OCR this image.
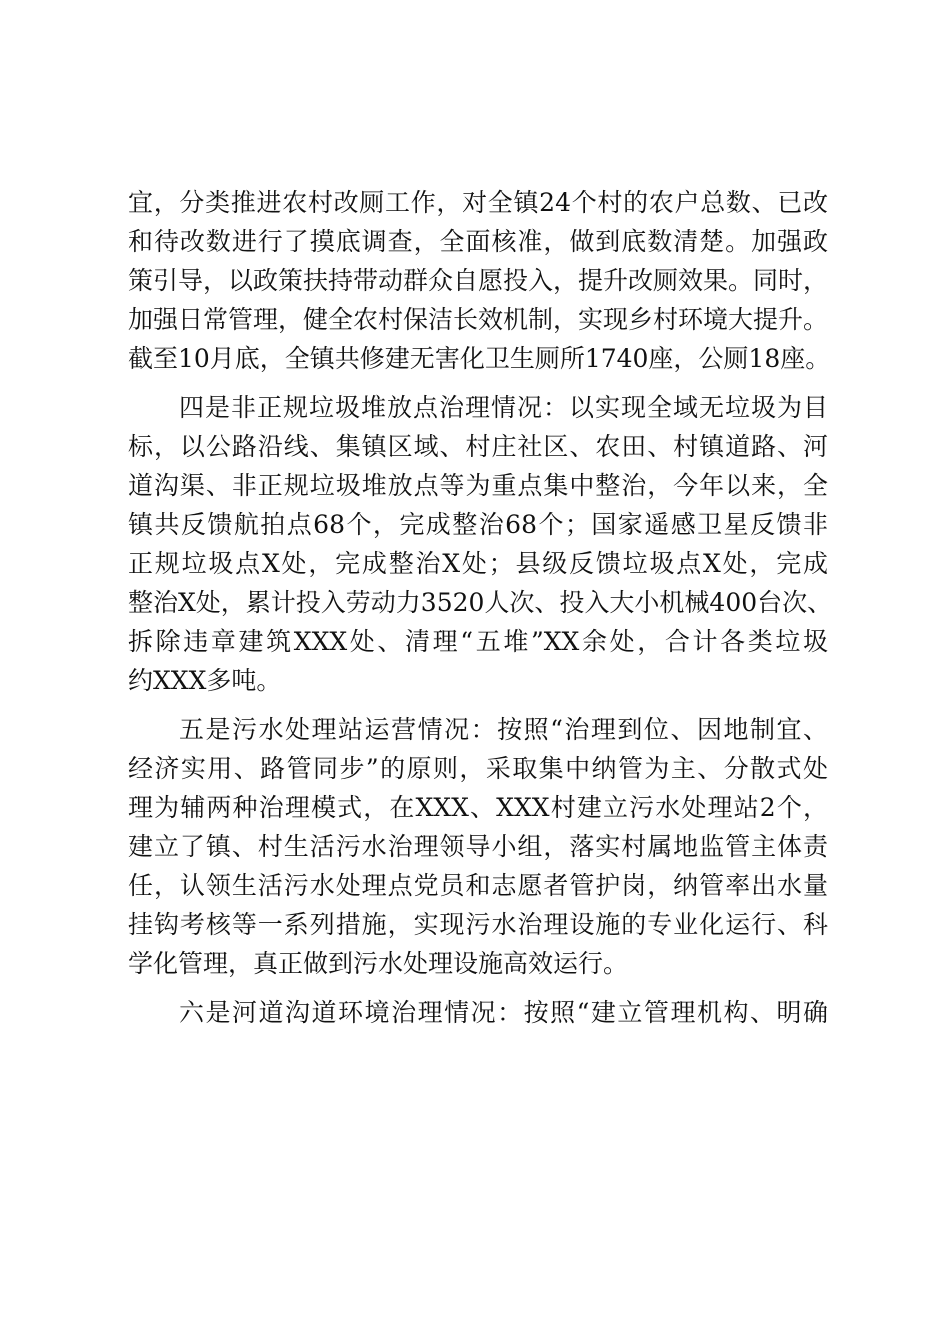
宜，分类推进农村改厕工作，对全镇24个村的农户总数、已改
和待改数进行了摸底调查，全面核准，做到底数清楚。加强政
策引导，以政策扶持带动群众自愿投入，提升改厕效果。同时，
加强日常管理，健全农村保洁长效机制，实现乡村环境大提升。
截至10月底，全镇共修建无害化卫生厕所1740座，公厕18座。
四是非正规垃圾堆放点治理情况：以实现全域无垃圾为目
标，以公路沿线、集镇区域、村庄社区、农田、村镇道路、河
道沟渠、非正规垃圾堆放点等为重点集中整治，今年以来，全
镇共反馈航拍点68个，完成整治68个；国家遥感卫星反馈非
正规垃圾点X处，完成整治X处；县级反馈垃圾点X处，完成
整治X处，累计投入劳动力3520人次、投入大小机械400台次、
拆除违章建筑XXX处、清理“五堆”XX余处，合计各类垃圾
约XXX多吨。
五是污水处理站运营情况：按照“治理到位、因地制宜、
经济实用、路管同步”的原则，采取集中纳管为主、分散式处
理为辅两种治理模式，在XXX、XXX村建立污水处理站2个，
建立了镇、村生活污水治理领导小组，落实村属地监管主体责
任，认领生活污水处理点党员和志愿者管护岗，纳管率出水量
挂钩考核等一系列措施，实现污水治理设施的专业化运行、科
学化管理，真正做到污水处理设施高效运行。
六是河道沟道环境治理情况：按照“建立管理机构、明确
